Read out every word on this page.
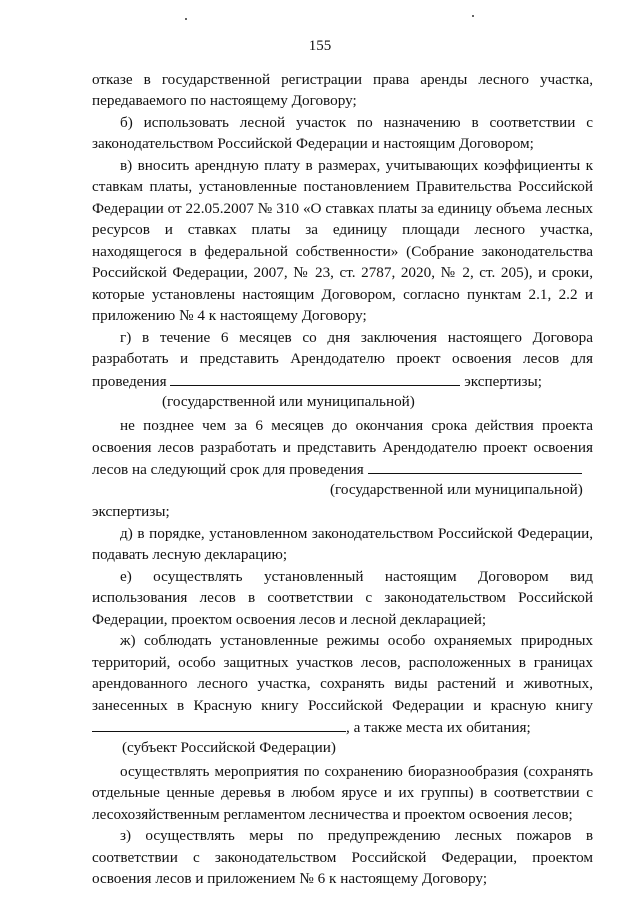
155
отказе в государственной регистрации права аренды лесного участка,
передаваемого по настоящему Договору;
б) использовать лесной участок по назначению в соответствии с
законодательством Российской Федерации и настоящим Договором;
в) вносить арендную плату в размерах, учитывающих коэффициенты к
ставкам платы, установленные постановлением Правительства Российской
Федерации от 22.05.2007 № 310 «О ставках платы за единицу объема лесных
ресурсов и ставках платы за единицу площади лесного участка,
находящегося в федеральной собственности» (Собрание законодательства
Российской Федерации, 2007, № 23, ст. 2787, 2020, № 2, ст. 205), и сроки,
которые установлены настоящим Договором, согласно пунктам 2.1, 2.2 и
приложению № 4 к настоящему Договору;
г) в течение 6 месяцев со дня заключения настоящего Договора
разработать и представить Арендодателю проект освоения лесов для
проведения	экспертизы;
(государственной или муниципальной)
не позднее чем за 6 месяцев до окончания срока действия проекта
освоения лесов разработать и представить Арендодателю проект освоения
лесов на следующий срок для проведения
(государственной или муниципальной)
экспертизы;
д) в порядке, установленном законодательством Российской Федерации,
подавать лесную декларацию;
е) осуществлять установленный настоящим Договором вид
использования лесов в соответствии с законодательством Российской
Федерации, проектом освоения лесов и лесной декларацией;
ж) соблюдать установленные режимы особо охраняемых природных
территорий, особо защитных участков лесов, расположенных в границах
арендованного лесного участка, сохранять виды растений и животных,
занесенных в Красную книгу Российской Федерации и красную книгу
, а также места их обитания;
(субъект Российской Федерации)
осуществлять мероприятия по сохранению биоразнообразия (сохранять
отдельные ценные деревья в любом ярусе и их группы) в соответствии с
лесохозяйственным регламентом лесничества и проектом освоения лесов;
з) осуществлять меры по предупреждению лесных пожаров в
соответствии с законодательством Российской Федерации, проектом
освоения лесов и приложением № 6 к настоящему Договору;
